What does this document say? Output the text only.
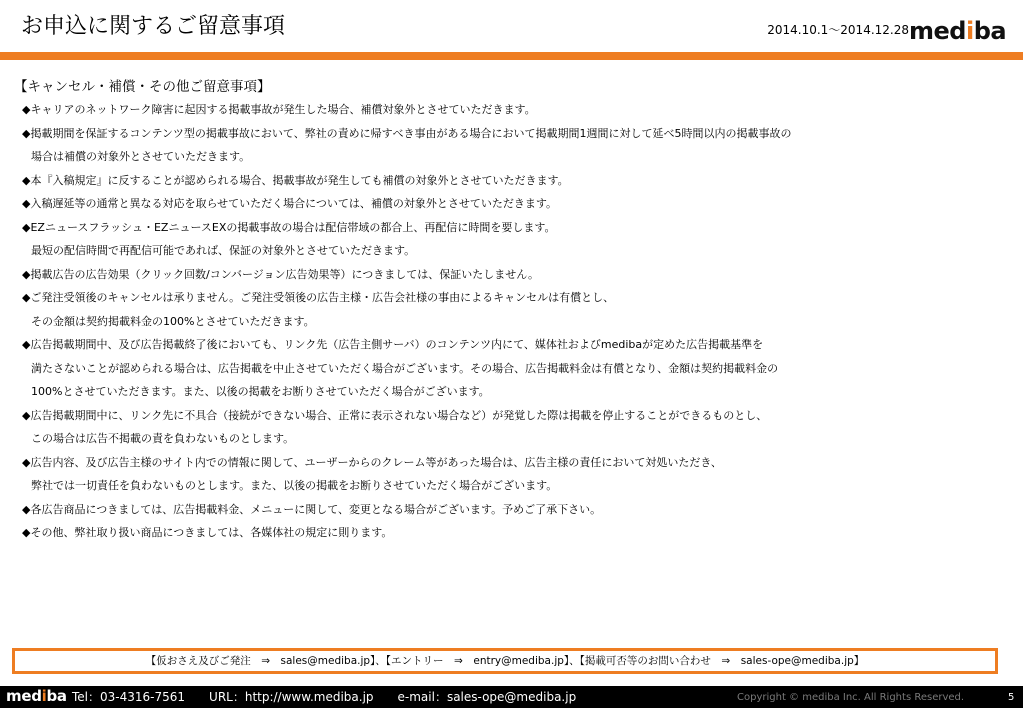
お申込に関するご留意事項	2014.10.1～2014.12.28 mediba
【キャンセル・補償・その他ご留意事項】
◆キャリアのネットワーク障害に起因する掲載事故が発生した場合、補償対象外とさせていただきます。
◆掲載期間を保証するコンテンツ型の掲載事故において、弊社の責めに帰すべき事由がある場合において掲載期間1週間に対して延べ5時間以内の掲載事故の
場合は補償の対象外とさせていただきます。
◆本『入稿規定』に反することが認められる場合、掲載事故が発生しても補償の対象外とさせていただきます。
◆入稿遅延等の通常と異なる対応を取らせていただく場合については、補償の対象外とさせていただきます。
◆EZニュースフラッシュ・EZニュースEXの掲載事故の場合は配信帯域の都合上、再配信に時間を要します。
最短の配信時間で再配信可能であれば、保証の対象外とさせていただきます。
◆掲載広告の広告効果（クリック回数/コンバージョン広告効果等）につきましては、保証いたしません。
◆ご発注受領後のキャンセルは承りません。ご発注受領後の広告主様・広告会社様の事由によるキャンセルは有償とし、
その金額は契約掲載料金の100%とさせていただきます。
◆広告掲載期間中、及び広告掲載終了後においても、リンク先（広告主側サーバ）のコンテンツ内にて、媒体社およびmedibaが定めた広告掲載基準を
満たさないことが認められる場合は、広告掲載を中止させていただく場合がございます。その場合、広告掲載料金は有償となり、金額は契約掲載料金の
100%とさせていただきます。また、以後の掲載をお断りさせていただく場合がございます。
◆広告掲載期間中に、リンク先に不具合（接続ができない場合、正常に表示されない場合など）が発覚した際は掲載を停止することができるものとし、
この場合は広告不掲載の責を負わないものとします。
◆広告内容、及び広告主様のサイト内での情報に関して、ユーザーからのクレーム等があった場合は、広告主様の責任において対処いただき、
弊社では一切責任を負わないものとします。また、以後の掲載をお断りさせていただく場合がございます。
◆各広告商品につきましては、広告掲載料金、メニューに関して、変更となる場合がございます。予めご了承下さい。
◆その他、弊社取り扱い商品につきましては、各媒体社の規定に則ります。
【仮おさえ及びご発注　⇒　sales@mediba.jp】、【エントリー　⇒　entry@mediba.jp】、【掲載可否等のお問い合わせ　⇒　sales-ope@mediba.jp】
mediba Tel：03-4316-7561 URL：http://www.mediba.jp e-mail：sales-ope@mediba.jp	Copyright © mediba Inc. All Rights Reserved.	5
